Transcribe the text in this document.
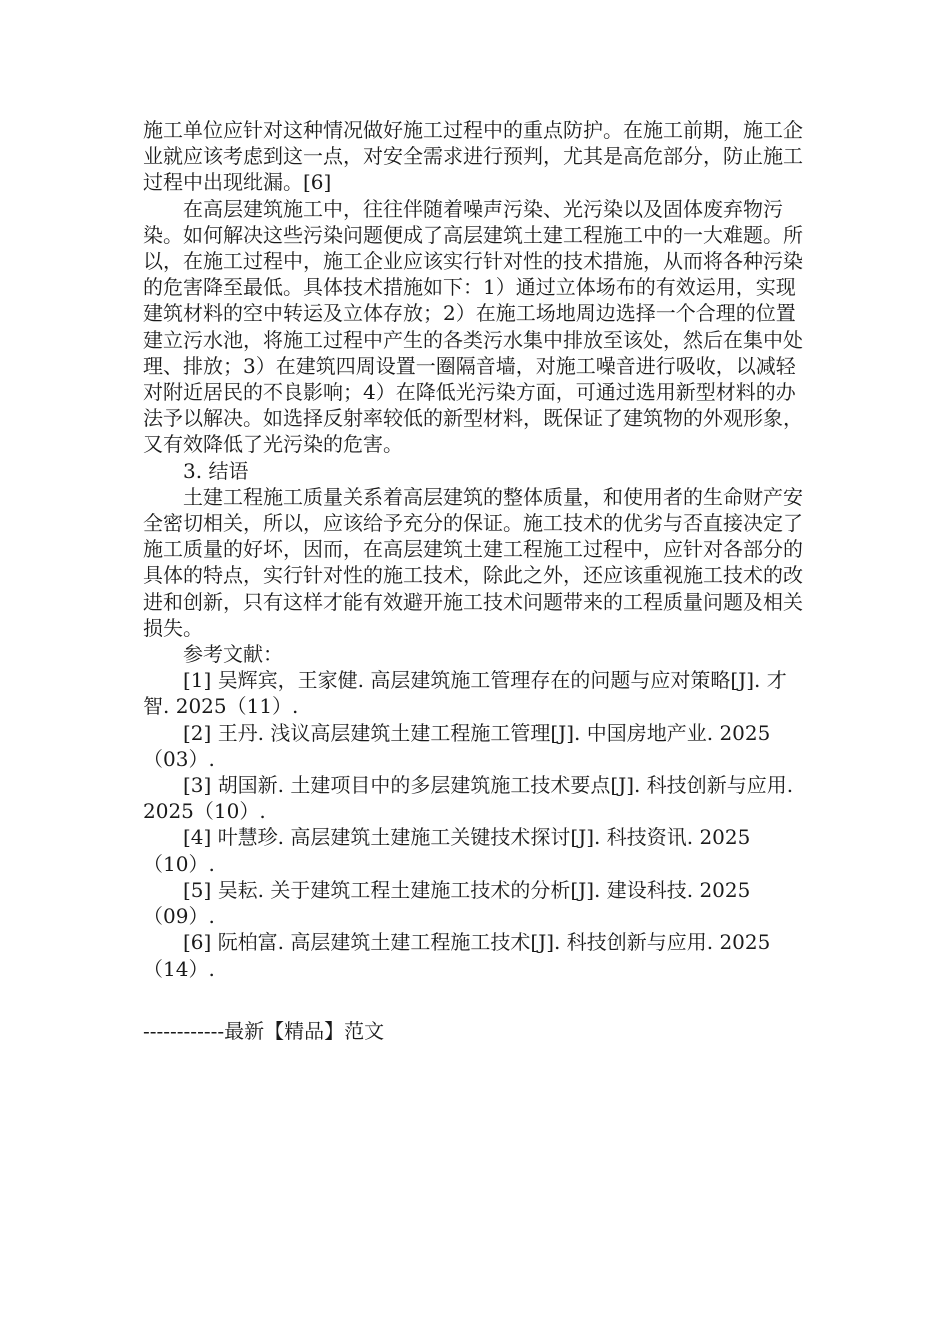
施工单位应针对这种情况做好施工过程中的重点防护。在施工前期，施工企业就应该考虑到这一点，对安全需求进行预判，尤其是高危部分，防止施工过程中出现纰漏。[6]

在高层建筑施工中，往往伴随着噪声污染、光污染以及固体废弃物污染。如何解决这些污染问题便成了高层建筑土建工程施工中的一大难题。所以，在施工过程中，施工企业应该实行针对性的技术措施，从而将各种污染的危害降至最低。具体技术措施如下：1）通过立体场布的有效运用，实现建筑材料的空中转运及立体存放；2）在施工场地周边选择一个合理的位置建立污水池，将施工过程中产生的各类污水集中排放至该处，然后在集中处理、排放；3）在建筑四周设置一圈隔音墙，对施工噪音进行吸收，以减轻对附近居民的不良影响；4）在降低光污染方面，可通过选用新型材料的办法予以解决。如选择反射率较低的新型材料，既保证了建筑物的外观形象，又有效降低了光污染的危害。

3. 结语

土建工程施工质量关系着高层建筑的整体质量，和使用者的生命财产安全密切相关，所以，应该给予充分的保证。施工技术的优劣与否直接决定了施工质量的好坏，因而，在高层建筑土建工程施工过程中，应针对各部分的具体的特点，实行针对性的施工技术，除此之外，还应该重视施工技术的改进和创新，只有这样才能有效避开施工技术问题带来的工程质量问题及相关损失。

参考文献：

[1] 吴辉宾，王家健. 高层建筑施工管理存在的问题与应对策略[J]. 才智. 2025（11）.

[2] 王丹. 浅议高层建筑土建工程施工管理[J]. 中国房地产业. 2025（03）.

[3] 胡国新. 土建项目中的多层建筑施工技术要点[J]. 科技创新与应用. 2025（10）.

[4] 叶慧珍. 高层建筑土建施工关键技术探讨[J]. 科技资讯. 2025（10）.

[5] 吴耘. 关于建筑工程土建施工技术的分析[J]. 建设科技. 2025（09）.

[6] 阮柏富. 高层建筑土建工程施工技术[J]. 科技创新与应用. 2025（14）.

------------最新【精品】范文
